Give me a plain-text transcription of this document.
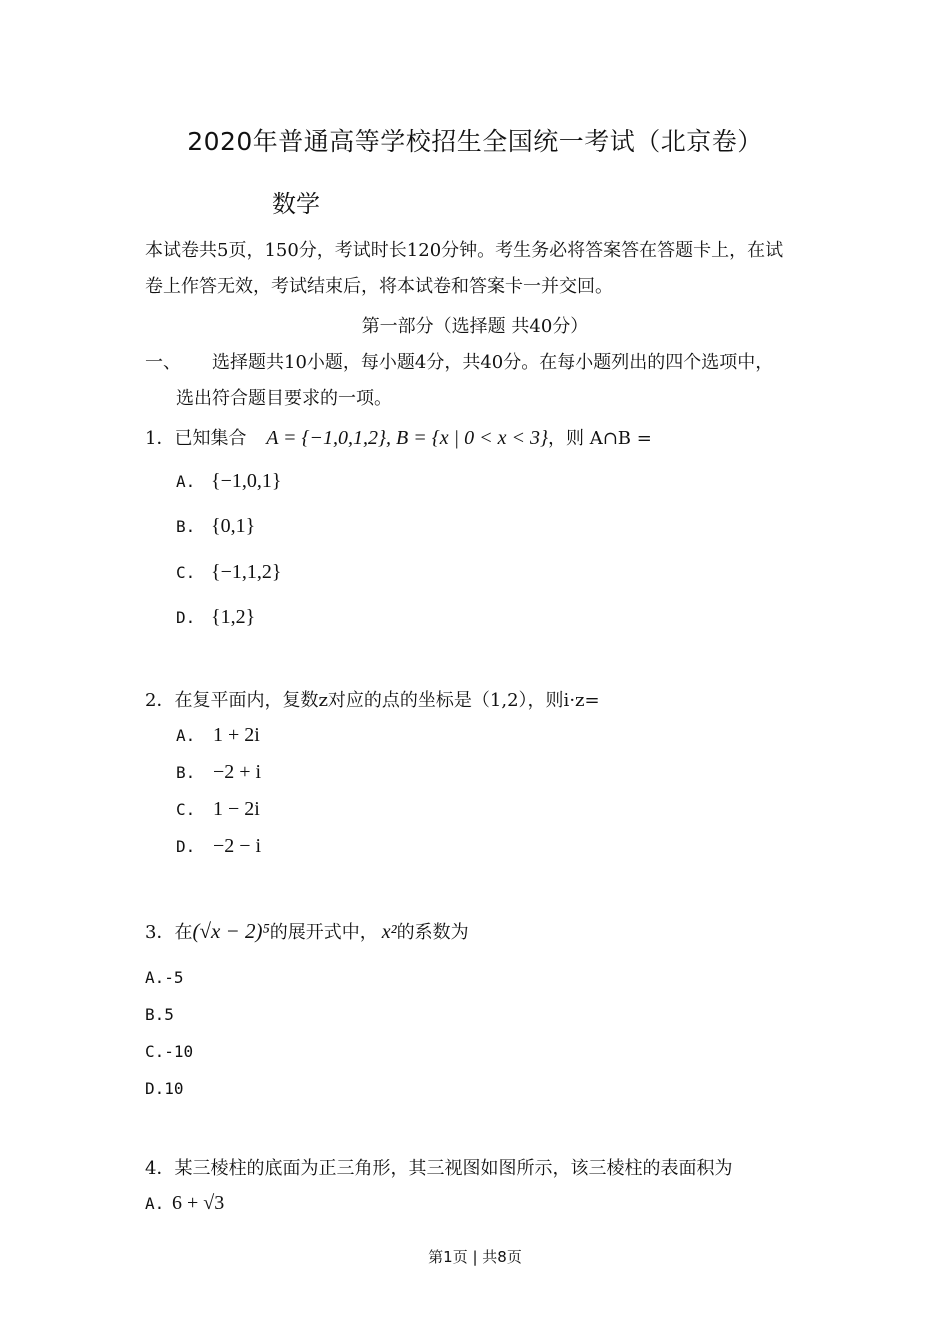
2020年普通高等学校招生全国统一考试（北京卷）
数学
本试卷共5页，150分，考试时长120分钟。考生务必将答案答在答题卡上，在试
卷上作答无效，考试结束后，将本试卷和答案卡一并交回。
第一部分（选择题 共40分）
一、 选择题共10小题，每小题4分，共40分。在每小题列出的四个选项中，
选出符合题目要求的一项。
1．已知集合 A = {−1,0,1,2}, B = {x | 0 < x < 3}，则 A∩B =
A. {−1,0,1}
B. {0,1}
C. {−1,1,2}
D. {1,2}
2．在复平面内，复数z对应的点的坐标是（1,2），则i·z=
A. 1 + 2i
B. −2 + i
C. 1 − 2i
D. −2 − i
3．在(√x − 2)⁵的展开式中， x²的系数为
A.-5
B.5
C.-10
D.10
4．某三棱柱的底面为正三角形，其三视图如图所示，该三棱柱的表面积为
A. 6 + √3
第1页 | 共8页
